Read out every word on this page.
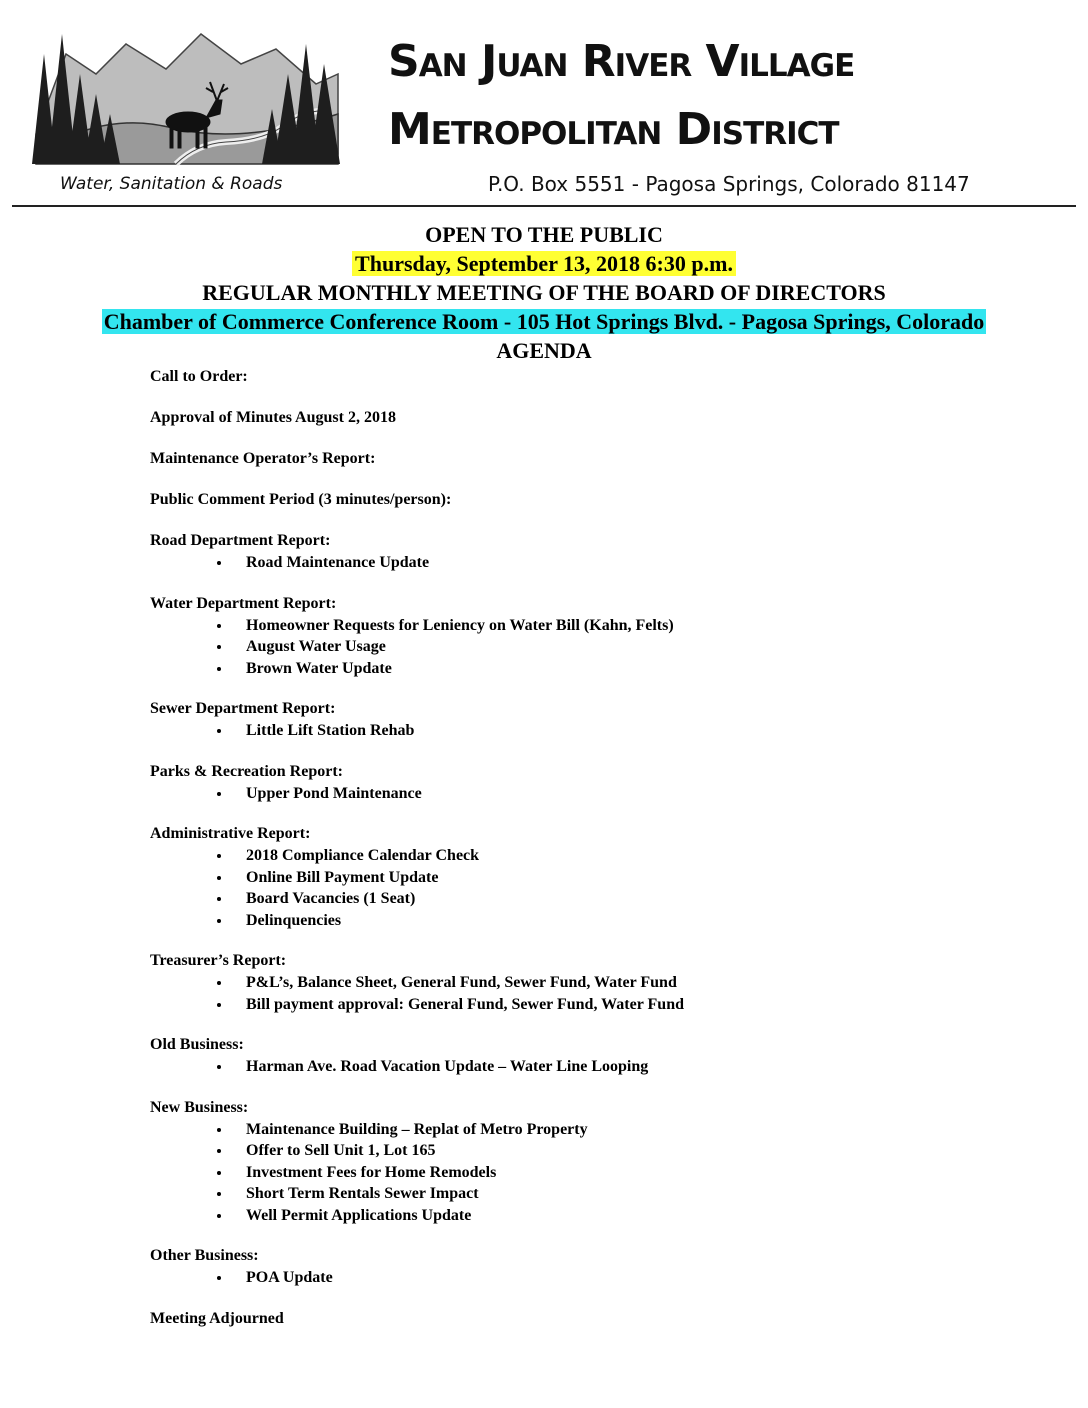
San Juan River Village
Metropolitan District
Water, Sanitation & Roads	P.O. Box 5551 - Pagosa Springs, Colorado 81147
OPEN TO THE PUBLIC
Thursday, September 13, 2018 6:30 p.m.
REGULAR MONTHLY MEETING OF THE BOARD OF DIRECTORS
Chamber of Commerce Conference Room - 105 Hot Springs Blvd. - Pagosa Springs, Colorado
AGENDA
Call to Order:
Approval of Minutes August 2, 2018
Maintenance Operator’s Report:
Public Comment Period (3 minutes/person):
Road Department Report:
Road Maintenance Update
Water Department Report:
Homeowner Requests for Leniency on Water Bill (Kahn, Felts)
August Water Usage
Brown Water Update
Sewer Department Report:
Little Lift Station Rehab
Parks & Recreation Report:
Upper Pond Maintenance
Administrative Report:
2018 Compliance Calendar Check
Online Bill Payment Update
Board Vacancies (1 Seat)
Delinquencies
Treasurer’s Report:
P&L’s, Balance Sheet, General Fund, Sewer Fund, Water Fund
Bill payment approval: General Fund, Sewer Fund, Water Fund
Old Business:
Harman Ave. Road Vacation Update – Water Line Looping
New Business:
Maintenance Building – Replat of Metro Property
Offer to Sell Unit 1, Lot 165
Investment Fees for Home Remodels
Short Term Rentals Sewer Impact
Well Permit Applications Update
Other Business:
POA Update
Meeting Adjourned
